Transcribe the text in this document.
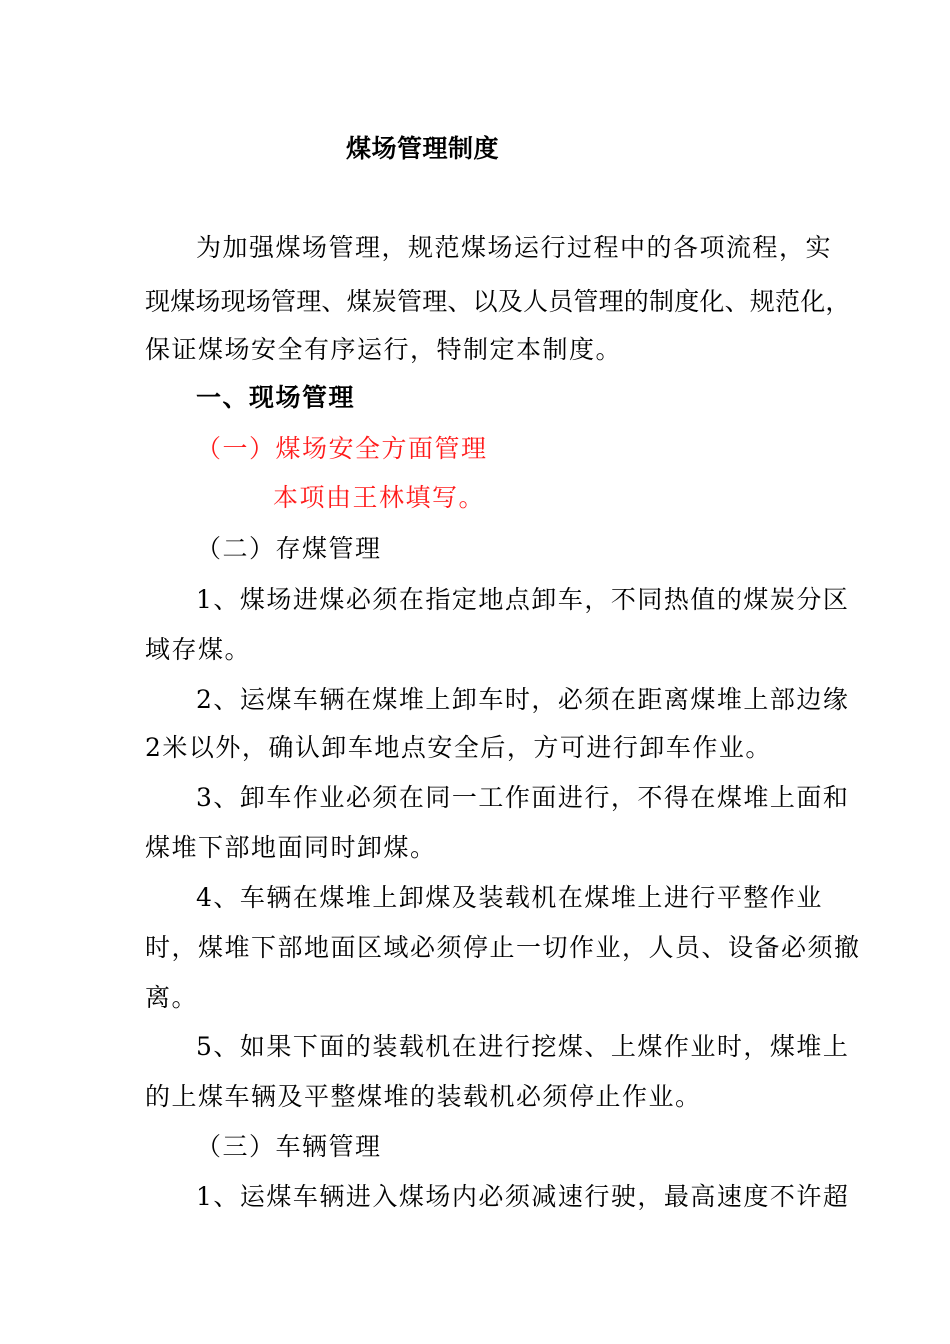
煤场管理制度
为加强煤场管理，规范煤场运行过程中的各项流程，实
现煤场现场管理、煤炭管理、以及人员管理的制度化、规范化，
保证煤场安全有序运行，特制定本制度。
一、现场管理
（一）煤场安全方面管理
本项由王林填写。
（二）存煤管理
1、煤场进煤必须在指定地点卸车，不同热值的煤炭分区
域存煤。
2、运煤车辆在煤堆上卸车时，必须在距离煤堆上部边缘
2米以外，确认卸车地点安全后，方可进行卸车作业。
3、卸车作业必须在同一工作面进行，不得在煤堆上面和
煤堆下部地面同时卸煤。
4、车辆在煤堆上卸煤及装载机在煤堆上进行平整作业
时，煤堆下部地面区域必须停止一切作业，人员、设备必须撤
离。
5、如果下面的装载机在进行挖煤、上煤作业时，煤堆上
的上煤车辆及平整煤堆的装载机必须停止作业。
（三）车辆管理
1、运煤车辆进入煤场内必须减速行驶，最高速度不许超
